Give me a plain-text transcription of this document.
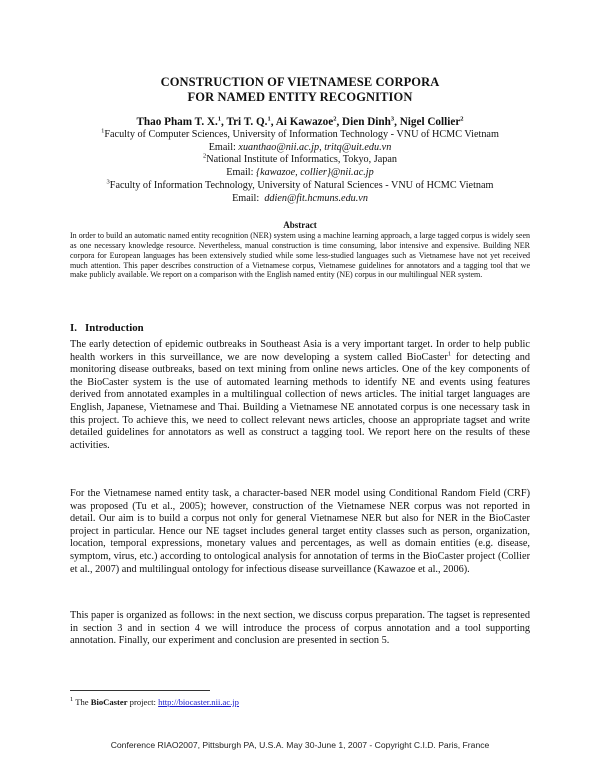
CONSTRUCTION OF VIETNAMESE CORPORA
FOR NAMED ENTITY RECOGNITION
Thao Pham T. X.$^1$, Tri T. Q.$^1$, Ai Kawazoe$^2$, Dien Dinh$^3$, Nigel Collier$^2$
$^1$Faculty of Computer Sciences, University of Information Technology - VNU of HCMC Vietnam
Email: xuanthao@nii.ac.jp, tritq@uit.edu.vn
$^2$National Institute of Informatics, Tokyo, Japan
Email: {kawazoe, collier}@nii.ac.jp
$^3$Faculty of Information Technology, University of Natural Sciences - VNU of HCMC Vietnam
Email: ddien@fit.hcmuns.edu.vn
Abstract
In order to build an automatic named entity recognition (NER) system using a machine learning approach, a large tagged corpus is widely seen as one necessary knowledge resource. Nevertheless, manual construction is time consuming, labor intensive and expensive. Building NER corpora for European languages has been extensively studied while some less-studied languages such as Vietnamese have not yet received much attention. This paper describes construction of a Vietnamese corpus, Vietnamese guidelines for annotators and a tagging tool that we make publicly available. We report on a comparison with the English named entity (NE) corpus in our multilingual NER system.
I.   Introduction
The early detection of epidemic outbreaks in Southeast Asia is a very important target. In order to help public health workers in this surveillance, we are now developing a system called BioCaster$^1$ for detecting and monitoring disease outbreaks, based on text mining from online news articles. One of the key components of the BioCaster system is the use of automated learning methods to identify NE and events using features derived from annotated examples in a multilingual collection of news articles. The initial target languages are English, Japanese, Vietnamese and Thai. Building a Vietnamese NE annotated corpus is one necessary task in this project. To achieve this, we need to collect relevant news articles, choose an appropriate tagset and write detailed guidelines for annotators as well as construct a tagging tool. We report here on the results of these activities.
For the Vietnamese named entity task, a character-based NER model using Conditional Random Field (CRF) was proposed (Tu et al., 2005); however, construction of the Vietnamese NER corpus was not reported in detail. Our aim is to build a corpus not only for general Vietnamese NER but also for NER in the BioCaster project in particular. Hence our NE tagset includes general target entity classes such as person, organization, location, temporal expressions, monetary values and percentages, as well as domain entities (e.g. disease, symptom, virus, etc.) according to ontological analysis for annotation of terms in the BioCaster project (Collier et al., 2007) and multilingual ontology for infectious disease surveillance (Kawazoe et al., 2006).
This paper is organized as follows: in the next section, we discuss corpus preparation. The tagset is represented in section 3 and in section 4 we will introduce the process of corpus annotation and a tool supporting annotation. Finally, our experiment and conclusion are presented in section 5.
$^1$ The BioCaster project: http://biocaster.nii.ac.jp
Conference RIAO2007, Pittsburgh PA, U.S.A. May 30-June 1, 2007 - Copyright C.I.D. Paris, France
